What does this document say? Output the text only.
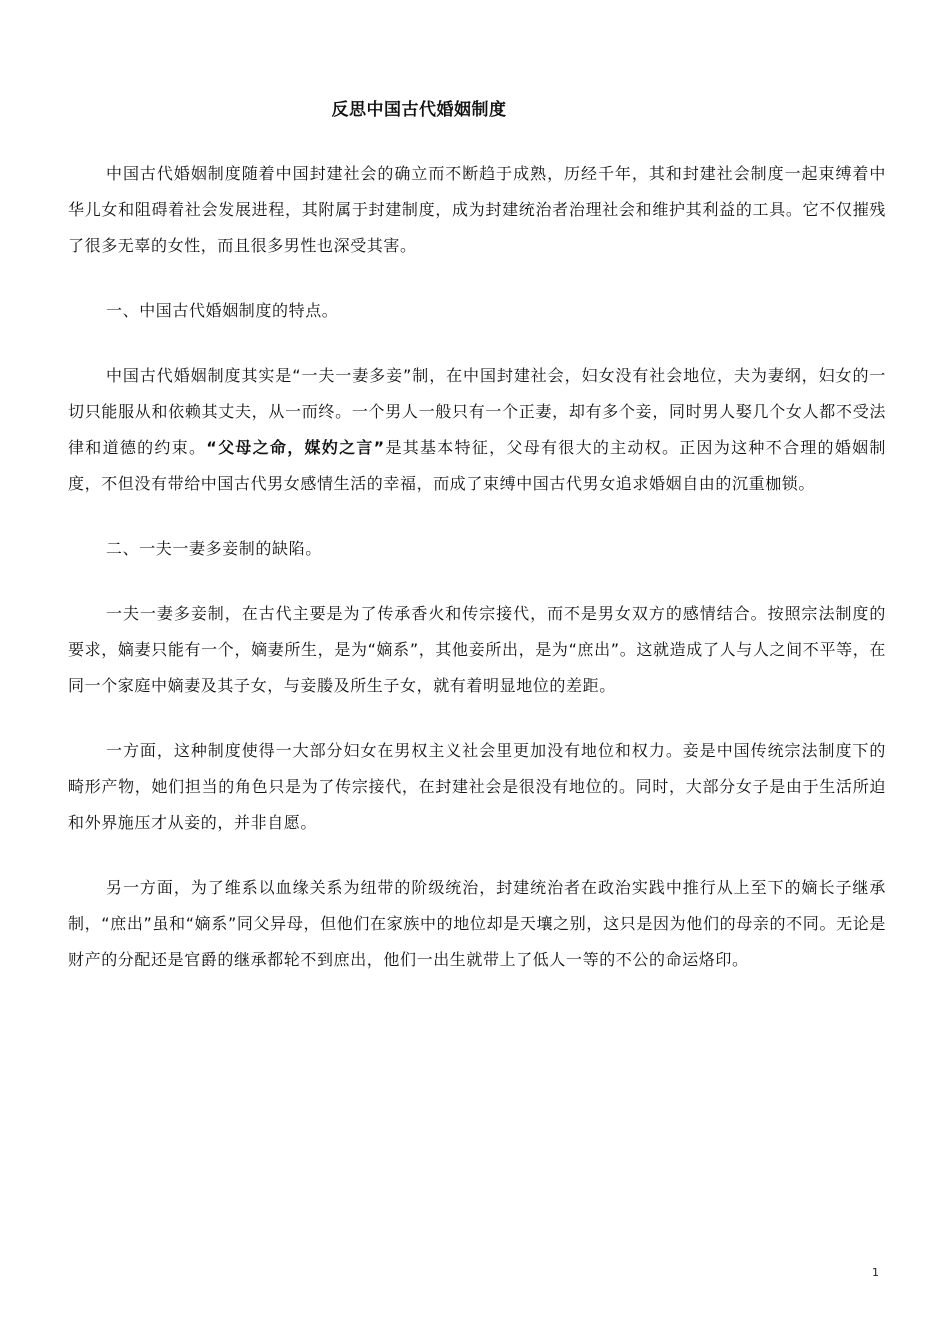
反思中国古代婚姻制度

中国古代婚姻制度随着中国封建社会的确立而不断趋于成熟，历经千年，其和封建社会制度一起束缚着中华儿女和阻碍着社会发展进程，其附属于封建制度，成为封建统治者治理社会和维护其利益的工具。它不仅摧残了很多无辜的女性，而且很多男性也深受其害。

一、中国古代婚姻制度的特点。

中国古代婚姻制度其实是“一夫一妻多妾”制，在中国封建社会，妇女没有社会地位，夫为妻纲，妇女的一切只能服从和依赖其丈夫，从一而终。一个男人一般只有一个正妻，却有多个妾，同时男人娶几个女人都不受法律和道德的约束。“父母之命，媒妁之言”是其基本特征，父母有很大的主动权。正因为这种不合理的婚姻制度，不但没有带给中国古代男女感情生活的幸福，而成了束缚中国古代男女追求婚姻自由的沉重枷锁。

二、一夫一妻多妾制的缺陷。

一夫一妻多妾制，在古代主要是为了传承香火和传宗接代，而不是男女双方的感情结合。按照宗法制度的要求，嫡妻只能有一个，嫡妻所生，是为“嫡系”，其他妾所出，是为“庶出”。这就造成了人与人之间不平等，在同一个家庭中嫡妻及其子女，与妾媵及所生子女，就有着明显地位的差距。

一方面，这种制度使得一大部分妇女在男权主义社会里更加没有地位和权力。妾是中国传统宗法制度下的畸形产物，她们担当的角色只是为了传宗接代，在封建社会是很没有地位的。同时，大部分女子是由于生活所迫和外界施压才从妾的，并非自愿。

另一方面，为了维系以血缘关系为纽带的阶级统治，封建统治者在政治实践中推行从上至下的嫡长子继承制，“庶出”虽和“嫡系”同父异母，但他们在家族中的地位却是天壤之别，这只是因为他们的母亲的不同。无论是财产的分配还是官爵的继承都轮不到庶出，他们一出生就带上了低人一等的不公的命运烙印。

1
